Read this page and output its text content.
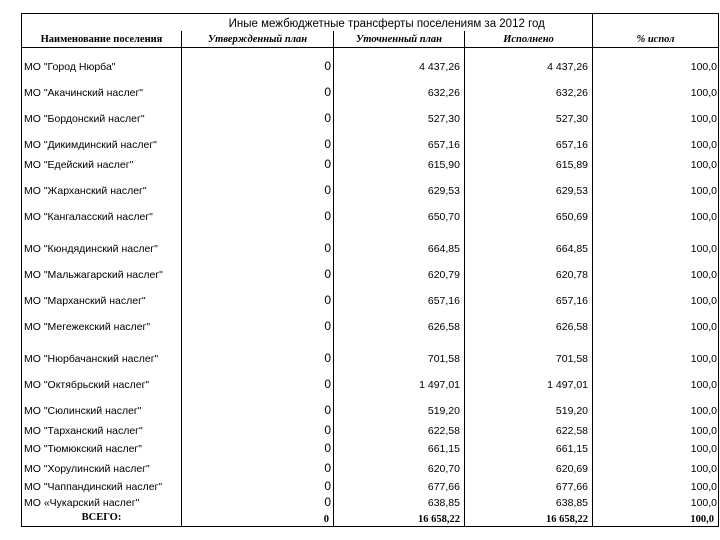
	Иные межбюджетные трансферты поселениям за 2012 год			
Наименование поселения	Утвержденный план	Уточненный план	Исполнено	% испол
МО "Город Нюрба"	0	4 437,26	4 437,26	100,0
МО "Акачинский наслег"	0	632,26	632,26	100,0
МО "Бордонский наслег"	0	527,30	527,30	100,0
МО "Дикимдинский наслег"	0	657,16	657,16	100,0
МО "Едейский наслег"	0	615,90	615,89	100,0
МО "Жарханский наслег"	0	629,53	629,53	100,0
МО "Кангаласский наслег"	0	650,70	650,69	100,0
МО "Кюндядинский наслег"	0	664,85	664,85	100,0
МО "Мальжагарский наслег"	0	620,79	620,78	100,0
МО "Марханский наслег"	0	657,16	657,16	100,0
МО "Мегежекский наслег"	0	626,58	626,58	100,0
МО "Нюрбачанский наслег"	0	701,58	701,58	100,0
МО "Октябрьский наслег"	0	1 497,01	1 497,01	100,0
МО "Сюлинский наслег"	0	519,20	519,20	100,0
МО "Тарханский наслег"	0	622,58	622,58	100,0
МО "Тюмюкский наслег"	0	661,15	661,15	100,0
МО "Хорулинский наслег"	0	620,70	620,69	100,0
МО "Чаппандинский наслег"	0	677,66	677,66	100,0
МО «Чукарский наслег"	0	638,85	638,85	100,0
ВСЕГО:	0	16 658,22	16 658,22	100,0
